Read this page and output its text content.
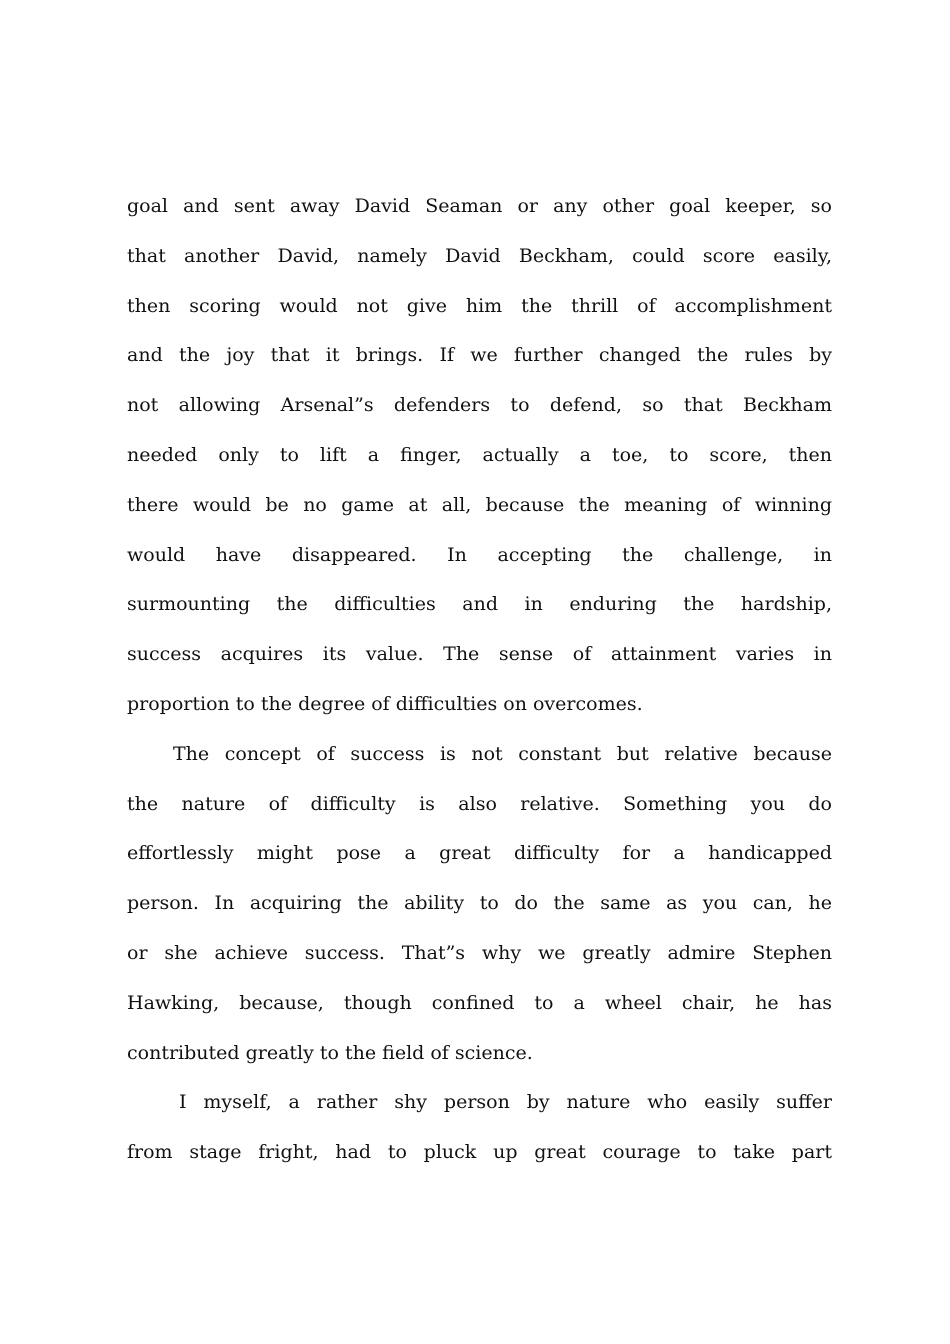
goal and sent away David Seaman or any other goal keeper, so
that another David, namely David Beckham, could score easily,
then scoring would not give him the thrill of accomplishment
and the joy that it brings. If we further changed the rules by
not allowing Arsenal”s defenders to defend, so that Beckham
needed only to lift a finger, actually a toe, to score, then
there would be no game at all, because the meaning of winning
would have disappeared. In accepting the challenge, in
surmounting the difficulties and in enduring the hardship,
success acquires its value. The sense of attainment varies in
proportion to the degree of difficulties on overcomes.
The concept of success is not constant but relative because
the nature of difficulty is also relative. Something you do
effortlessly might pose a great difficulty for a handicapped
person. In acquiring the ability to do the same as you can, he
or she achieve success. That”s why we greatly admire Stephen
Hawking, because, though confined to a wheel chair, he has
contributed greatly to the field of science.
I myself, a rather shy person by nature who easily suffer
from stage fright, had to pluck up great courage to take part
